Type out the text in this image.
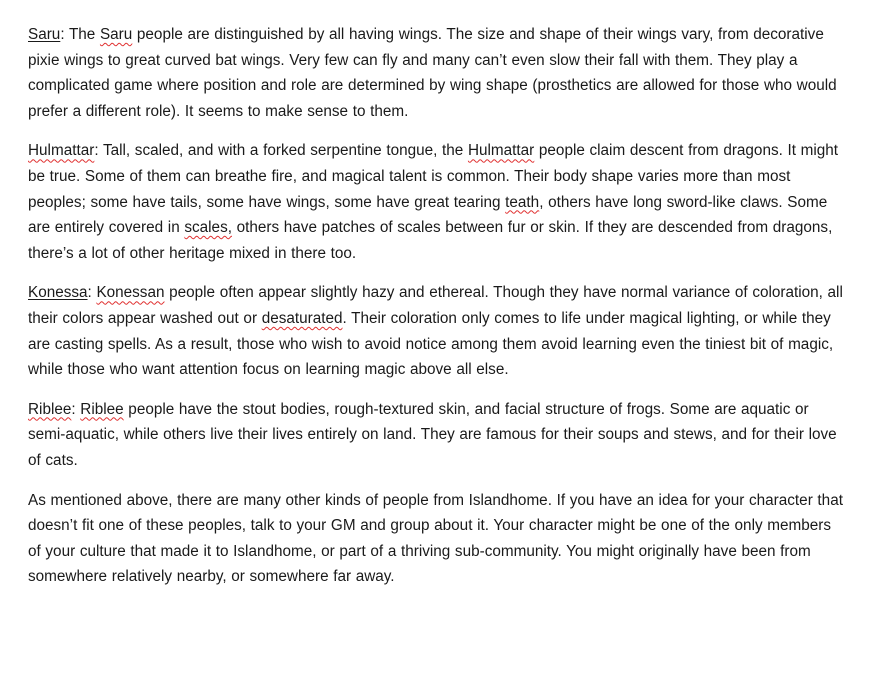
Saru: The Saru people are distinguished by all having wings. The size and shape of their wings vary, from decorative pixie wings to great curved bat wings. Very few can fly and many can’t even slow their fall with them. They play a complicated game where position and role are determined by wing shape (prosthetics are allowed for those who would prefer a different role). It seems to make sense to them.

Hulmattar: Tall, scaled, and with a forked serpentine tongue, the Hulmattar people claim descent from dragons. It might be true. Some of them can breathe fire, and magical talent is common. Their body shape varies more than most peoples; some have tails, some have wings, some have great tearing teath, others have long sword-like claws. Some are entirely covered in scales, others have patches of scales between fur or skin. If they are descended from dragons, there’s a lot of other heritage mixed in there too.

Konessa: Konessan people often appear slightly hazy and ethereal. Though they have normal variance of coloration, all their colors appear washed out or desaturated. Their coloration only comes to life under magical lighting, or while they are casting spells. As a result, those who wish to avoid notice among them avoid learning even the tiniest bit of magic, while those who want attention focus on learning magic above all else.

Riblee: Riblee people have the stout bodies, rough-textured skin, and facial structure of frogs. Some are aquatic or semi-aquatic, while others live their lives entirely on land. They are famous for their soups and stews, and for their love of cats.

As mentioned above, there are many other kinds of people from Islandhome. If you have an idea for your character that doesn’t fit one of these peoples, talk to your GM and group about it. Your character might be one of the only members of your culture that made it to Islandhome, or part of a thriving sub-community. You might originally have been from somewhere relatively nearby, or somewhere far away.
